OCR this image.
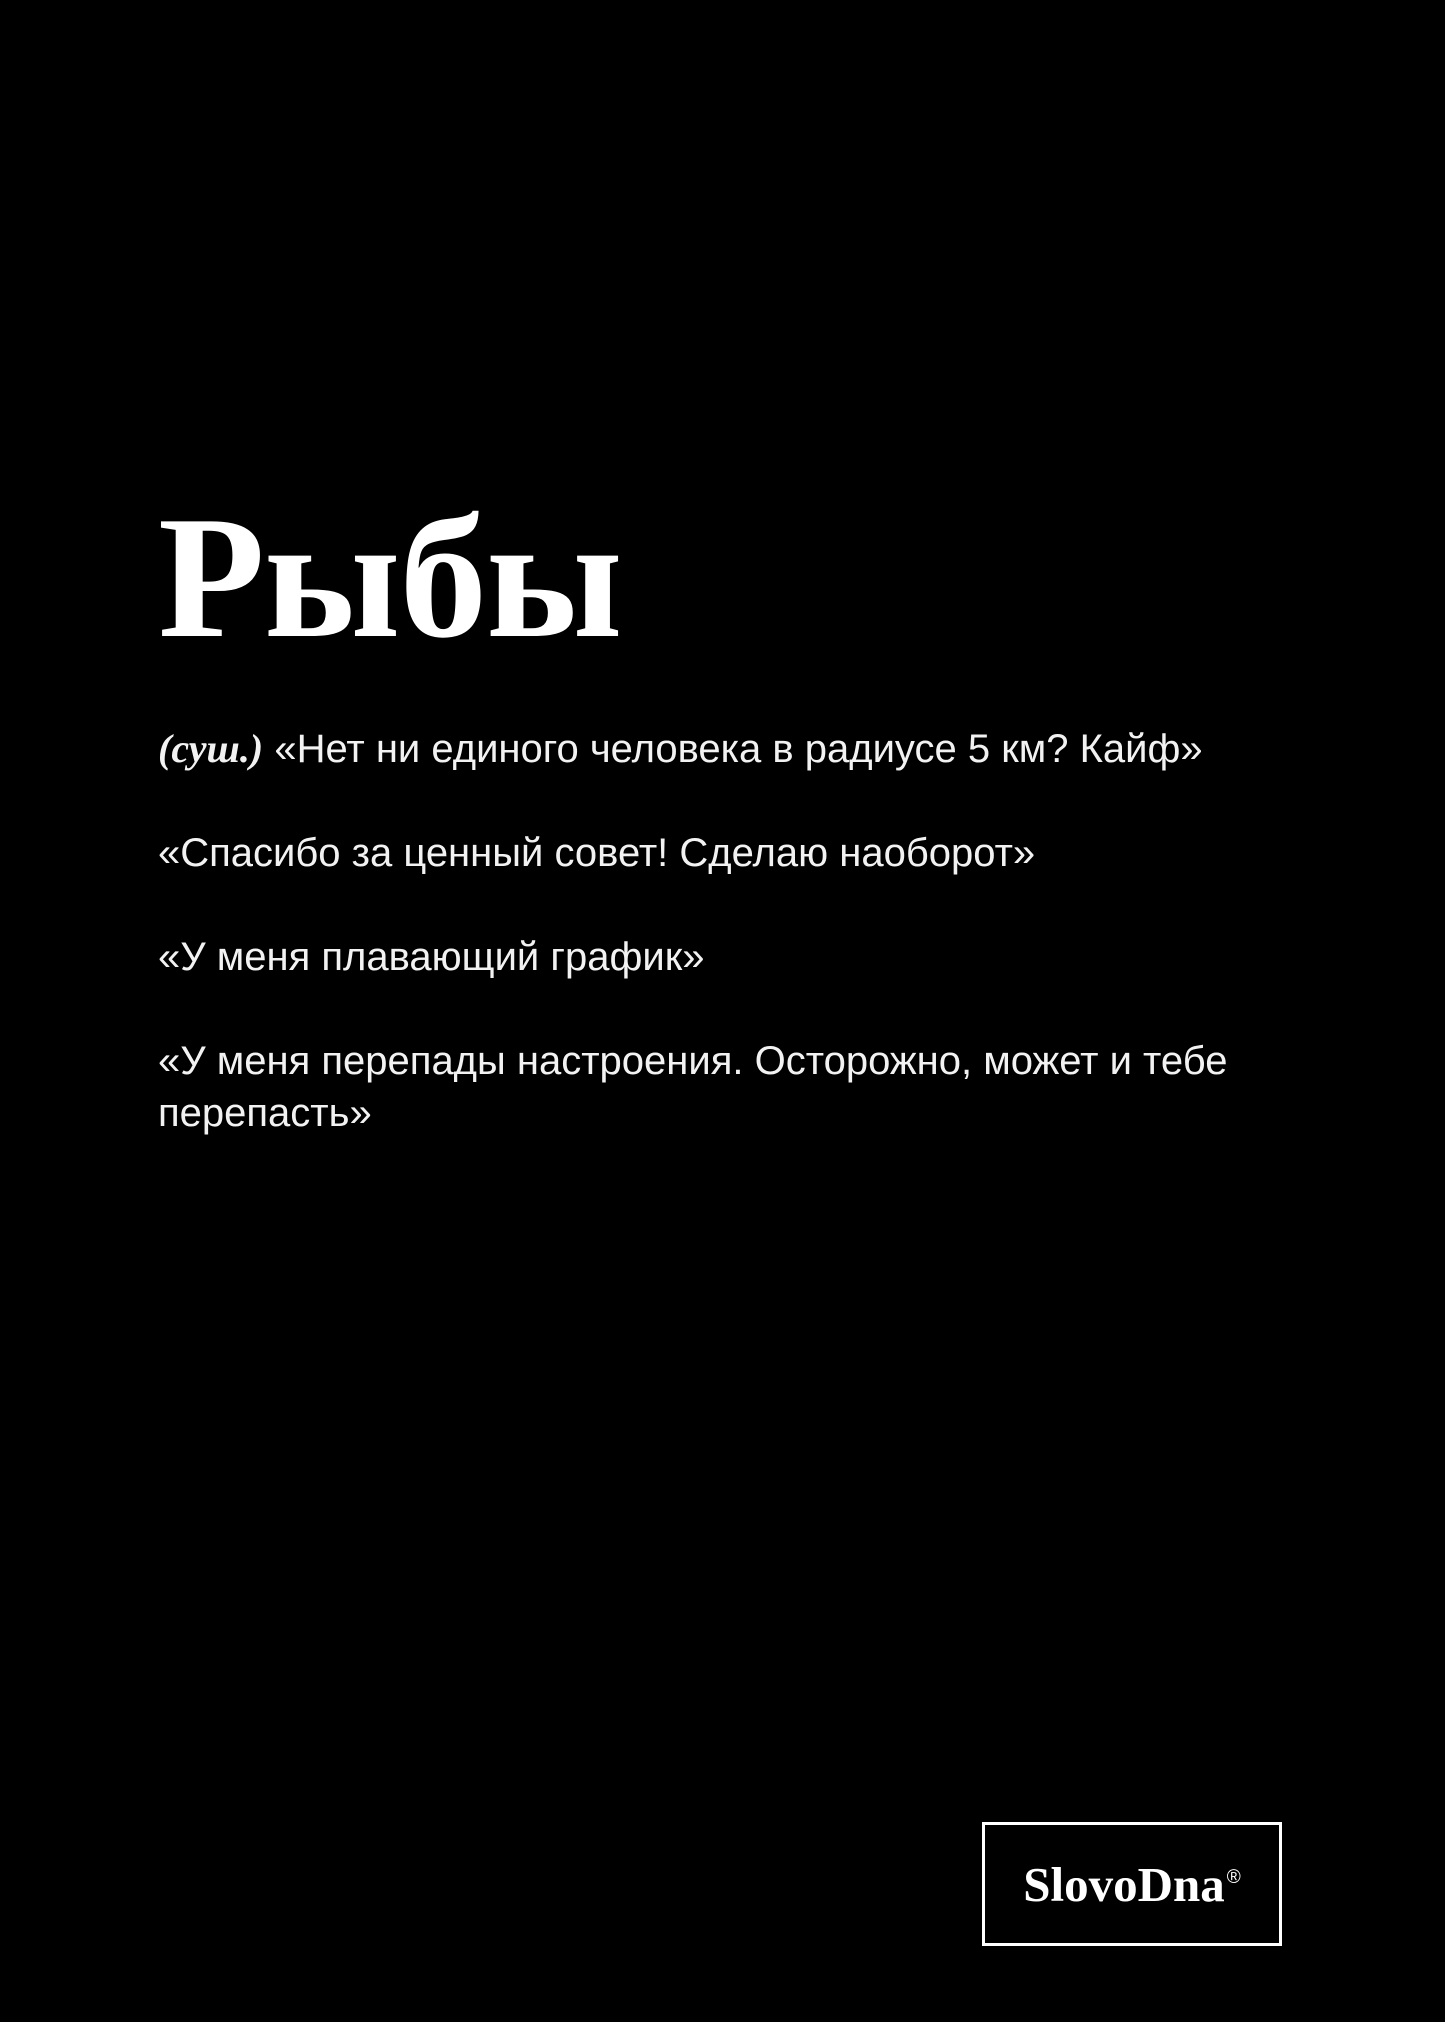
Рыбы

(суш.) «Нет ни единого человека в радиусе 5 км? Кайф»

«Спасибо за ценный совет! Сделаю наоборот»

«У меня плавающий график»

«У меня перепады настроения. Осторожно, может и тебе перепасть»

SlovoDna ®
